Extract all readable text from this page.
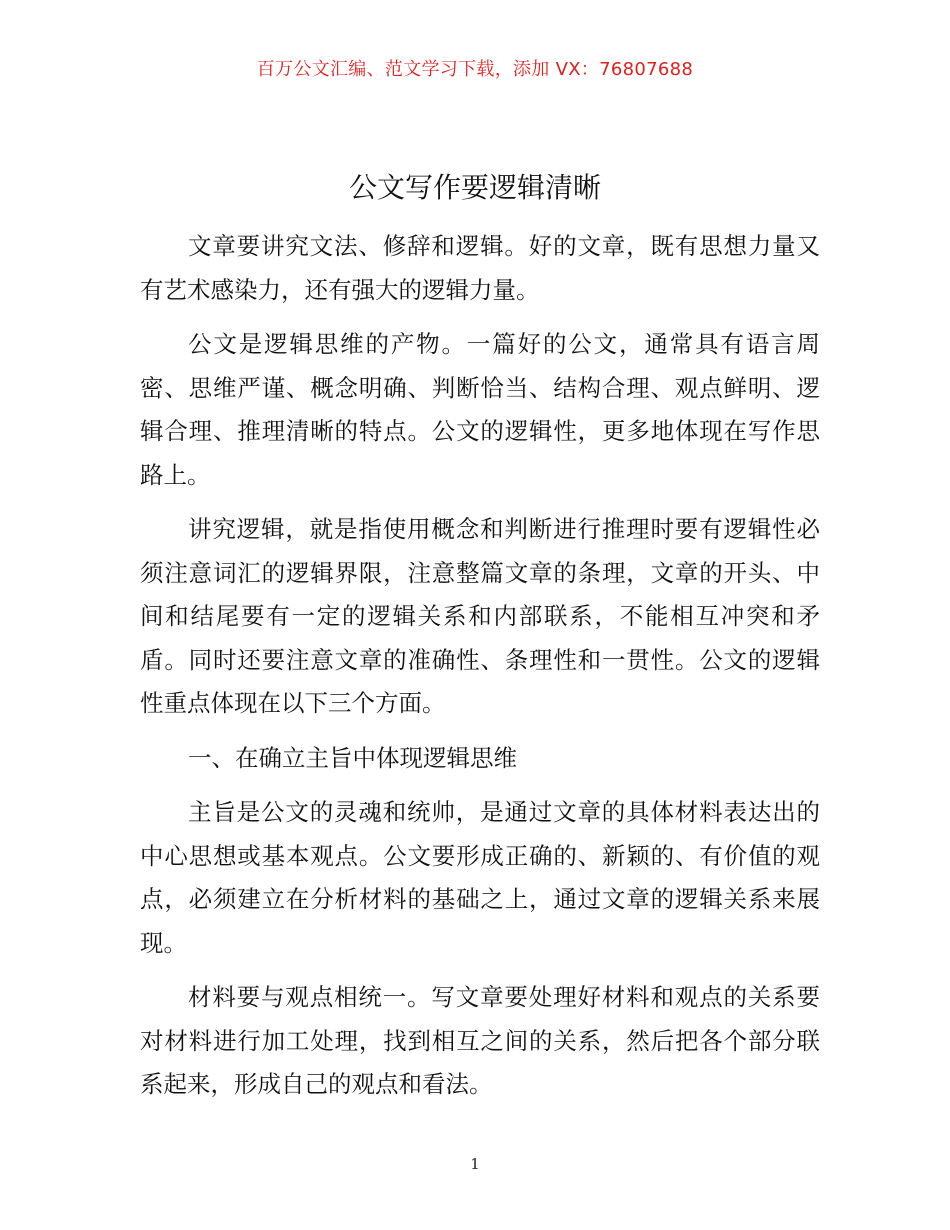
百万公文汇编、范文学习下载，添加 VX：76807688
公文写作要逻辑清晰

文章要讲究文法、修辞和逻辑。好的文章，既有思想力量又有艺术感染力，还有强大的逻辑力量。

公文是逻辑思维的产物。一篇好的公文，通常具有语言周密、思维严谨、概念明确、判断恰当、结构合理、观点鲜明、逻辑合理、推理清晰的特点。公文的逻辑性，更多地体现在写作思路上。

讲究逻辑，就是指使用概念和判断进行推理时要有逻辑性必须注意词汇的逻辑界限，注意整篇文章的条理，文章的开头、中间和结尾要有一定的逻辑关系和内部联系，不能相互冲突和矛盾。同时还要注意文章的准确性、条理性和一贯性。公文的逻辑性重点体现在以下三个方面。

一、在确立主旨中体现逻辑思维

主旨是公文的灵魂和统帅，是通过文章的具体材料表达出的中心思想或基本观点。公文要形成正确的、新颖的、有价值的观点，必须建立在分析材料的基础之上，通过文章的逻辑关系来展现。

材料要与观点相统一。写文章要处理好材料和观点的关系要对材料进行加工处理，找到相互之间的关系，然后把各个部分联系起来，形成自己的观点和看法。

1
